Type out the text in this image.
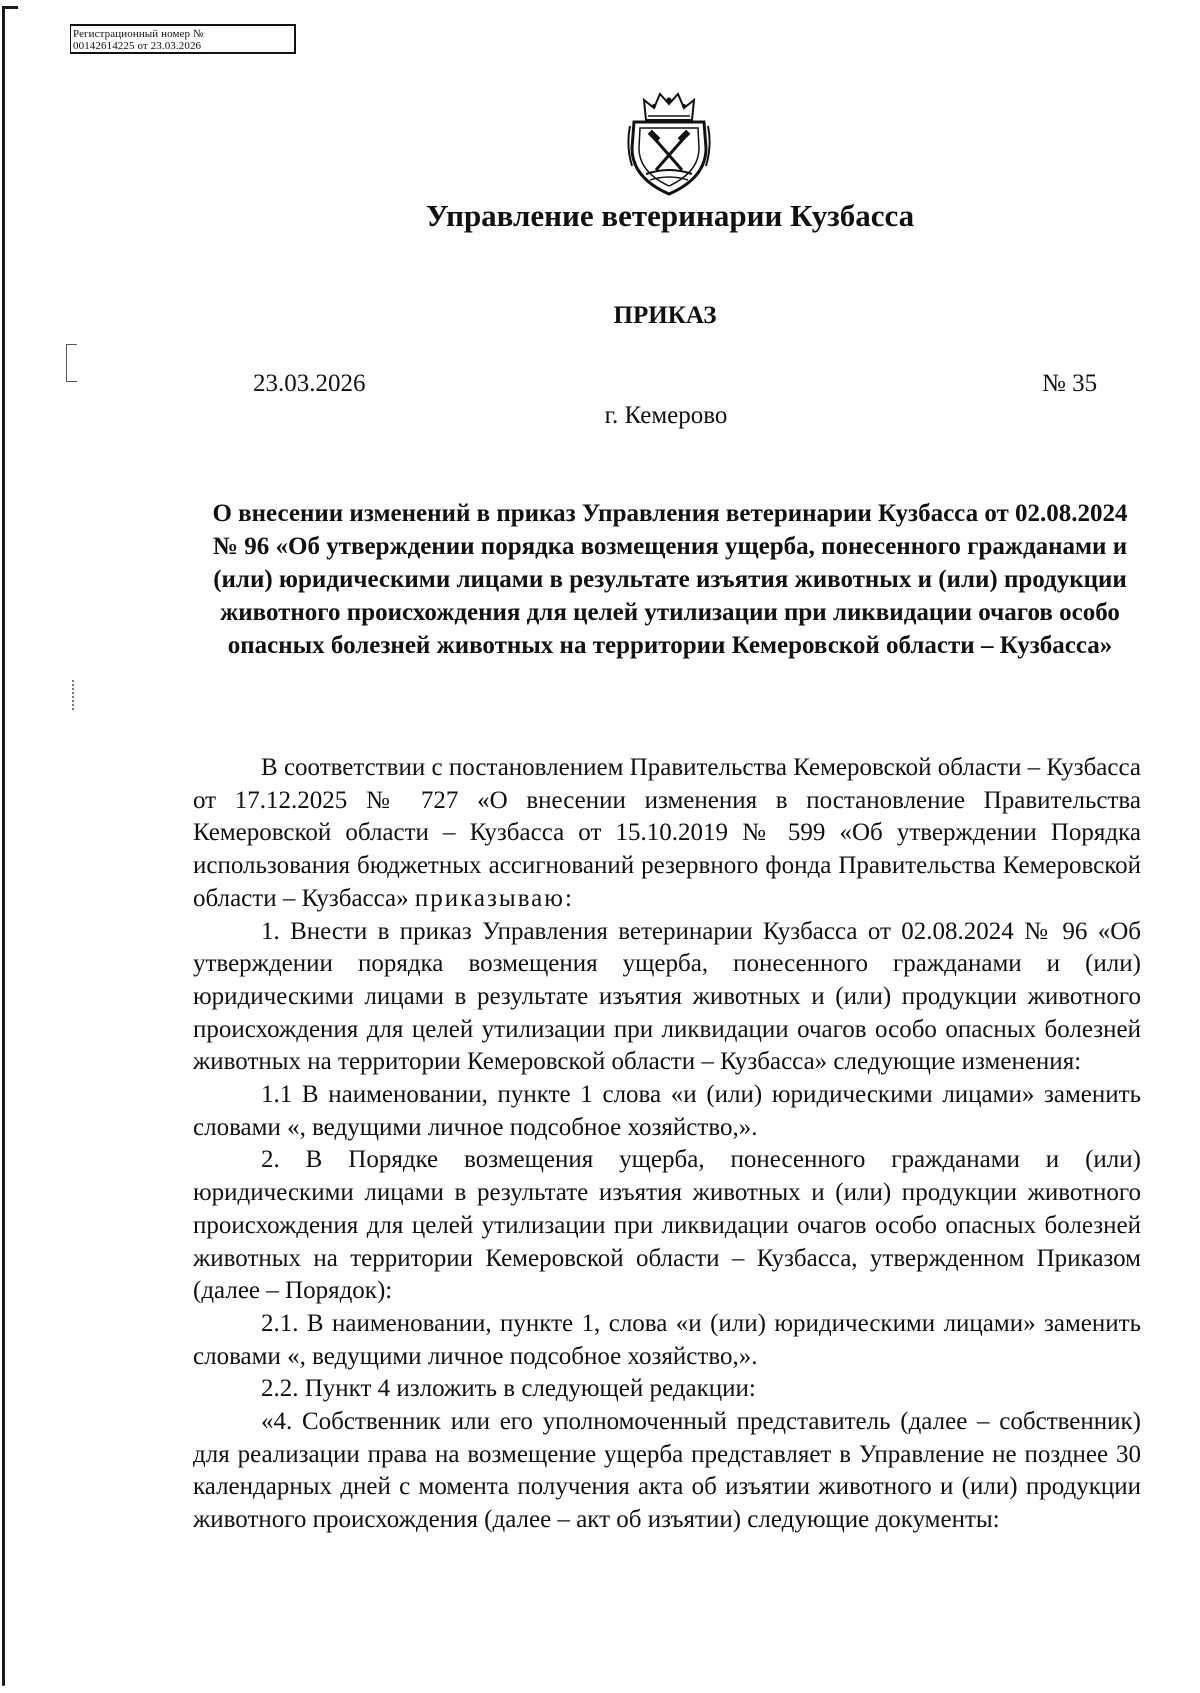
Регистрационный номер №
00142614225 от 23.03.2026
Управление ветеринарии Кузбасса
ПРИКАЗ
23.03.2026	№ 35
г. Кемерово
О внесении изменений в приказ Управления ветеринарии Кузбасса от 02.08.2024 № 96 «Об утверждении порядка возмещения ущерба, понесенного гражданами и (или) юридическими лицами в результате изъятия животных и (или) продукции животного происхождения для целей утилизации при ликвидации очагов особо опасных болезней животных на территории Кемеровской области – Кузбасса»

В соответствии с постановлением Правительства Кемеровской области – Кузбасса от 17.12.2025 № 727 «О внесении изменения в постановление Правительства Кемеровской области – Кузбасса от 15.10.2019 № 599 «Об утверждении Порядка использования бюджетных ассигнований резервного фонда Правительства Кемеровской области – Кузбасса» приказываю:

1. Внести в приказ Управления ветеринарии Кузбасса от 02.08.2024 № 96 «Об утверждении порядка возмещения ущерба, понесенного гражданами и (или) юридическими лицами в результате изъятия животных и (или) продукции животного происхождения для целей утилизации при ликвидации очагов особо опасных болезней животных на территории Кемеровской области – Кузбасса» следующие изменения:

1.1 В наименовании, пункте 1 слова «и (или) юридическими лицами» заменить словами «, ведущими личное подсобное хозяйство,».

2. В Порядке возмещения ущерба, понесенного гражданами и (или) юридическими лицами в результате изъятия животных и (или) продукции животного происхождения для целей утилизации при ликвидации очагов особо опасных болезней животных на территории Кемеровской области – Кузбасса, утвержденном Приказом (далее – Порядок):

2.1. В наименовании, пункте 1, слова «и (или) юридическими лицами» заменить словами «, ведущими личное подсобное хозяйство,».

2.2. Пункт 4 изложить в следующей редакции:

«4. Собственник или его уполномоченный представитель (далее – собственник) для реализации права на возмещение ущерба представляет в Управление не позднее 30 календарных дней с момента получения акта об изъятии животного и (или) продукции животного происхождения (далее – акт об изъятии) следующие документы:
